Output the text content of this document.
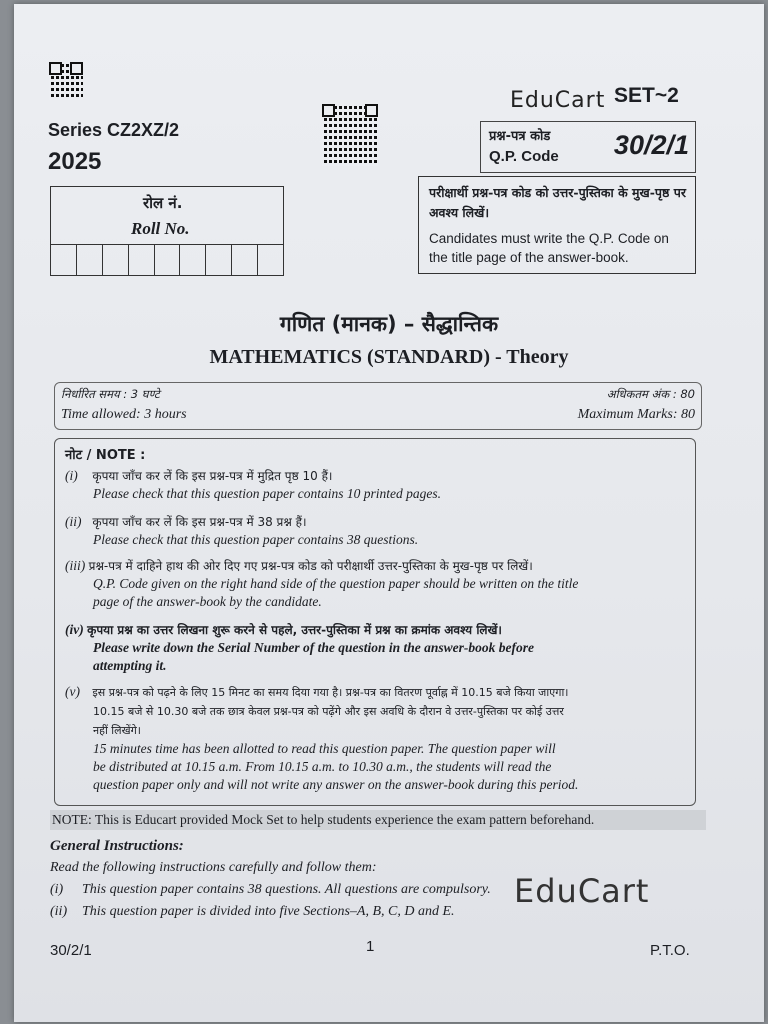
EduCart SET~2
Series CZ2XZ/2
2025
प्रश्न-पत्र कोड
Q.P. Code 30/2/1
रोल नं.
Roll No.
परीक्षार्थी प्रश्न-पत्र कोड को उत्तर-पुस्तिका के मुख-पृष्ठ पर अवश्य लिखें।
Candidates must write the Q.P. Code on the title page of the answer-book.
गणित (मानक) – सैद्धान्तिक
MATHEMATICS (STANDARD) - Theory
निर्धारित समय : 3 घण्टे
Time allowed: 3 hours
अधिकतम अंक : 80
Maximum Marks: 80
नोट / NOTE :
(i) कृपया जाँच कर लें कि इस प्रश्न-पत्र में मुद्रित पृष्ठ 10 हैं।
Please check that this question paper contains 10 printed pages.
(ii) कृपया जाँच कर लें कि इस प्रश्न-पत्र में 38 प्रश्न हैं।
Please check that this question paper contains 38 questions.
(iii) प्रश्न-पत्र में दाहिने हाथ की ओर दिए गए प्रश्न-पत्र कोड को परीक्षार्थी उत्तर-पुस्तिका के मुख-पृष्ठ पर लिखें।
Q.P. Code given on the right hand side of the question paper should be written on the title
page of the answer-book by the candidate.
(iv) कृपया प्रश्न का उत्तर लिखना शुरू करने से पहले, उत्तर-पुस्तिका में प्रश्न का क्रमांक अवश्य लिखें।
Please write down the Serial Number of the question in the answer-book before
attempting it.
(v) इस प्रश्न-पत्र को पढ़ने के लिए 15 मिनट का समय दिया गया है। प्रश्न-पत्र का वितरण पूर्वाह्न में 10.15 बजे किया जाएगा।
10.15 बजे से 10.30 बजे तक छात्र केवल प्रश्न-पत्र को पढ़ेंगे और इस अवधि के दौरान वे उत्तर-पुस्तिका पर कोई उत्तर
नहीं लिखेंगे।
15 minutes time has been allotted to read this question paper. The question paper will
be distributed at 10.15 a.m. From 10.15 a.m. to 10.30 a.m., the students will read the
question paper only and will not write any answer on the answer-book during this period.
NOTE: This is Educart provided Mock Set to help students experience the exam pattern beforehand.
General Instructions:
Read the following instructions carefully and follow them:
(i) This question paper contains 38 questions. All questions are compulsory.
(ii) This question paper is divided into five Sections–A, B, C, D and E.
EduCart
30/2/1	1	P.T.O.
